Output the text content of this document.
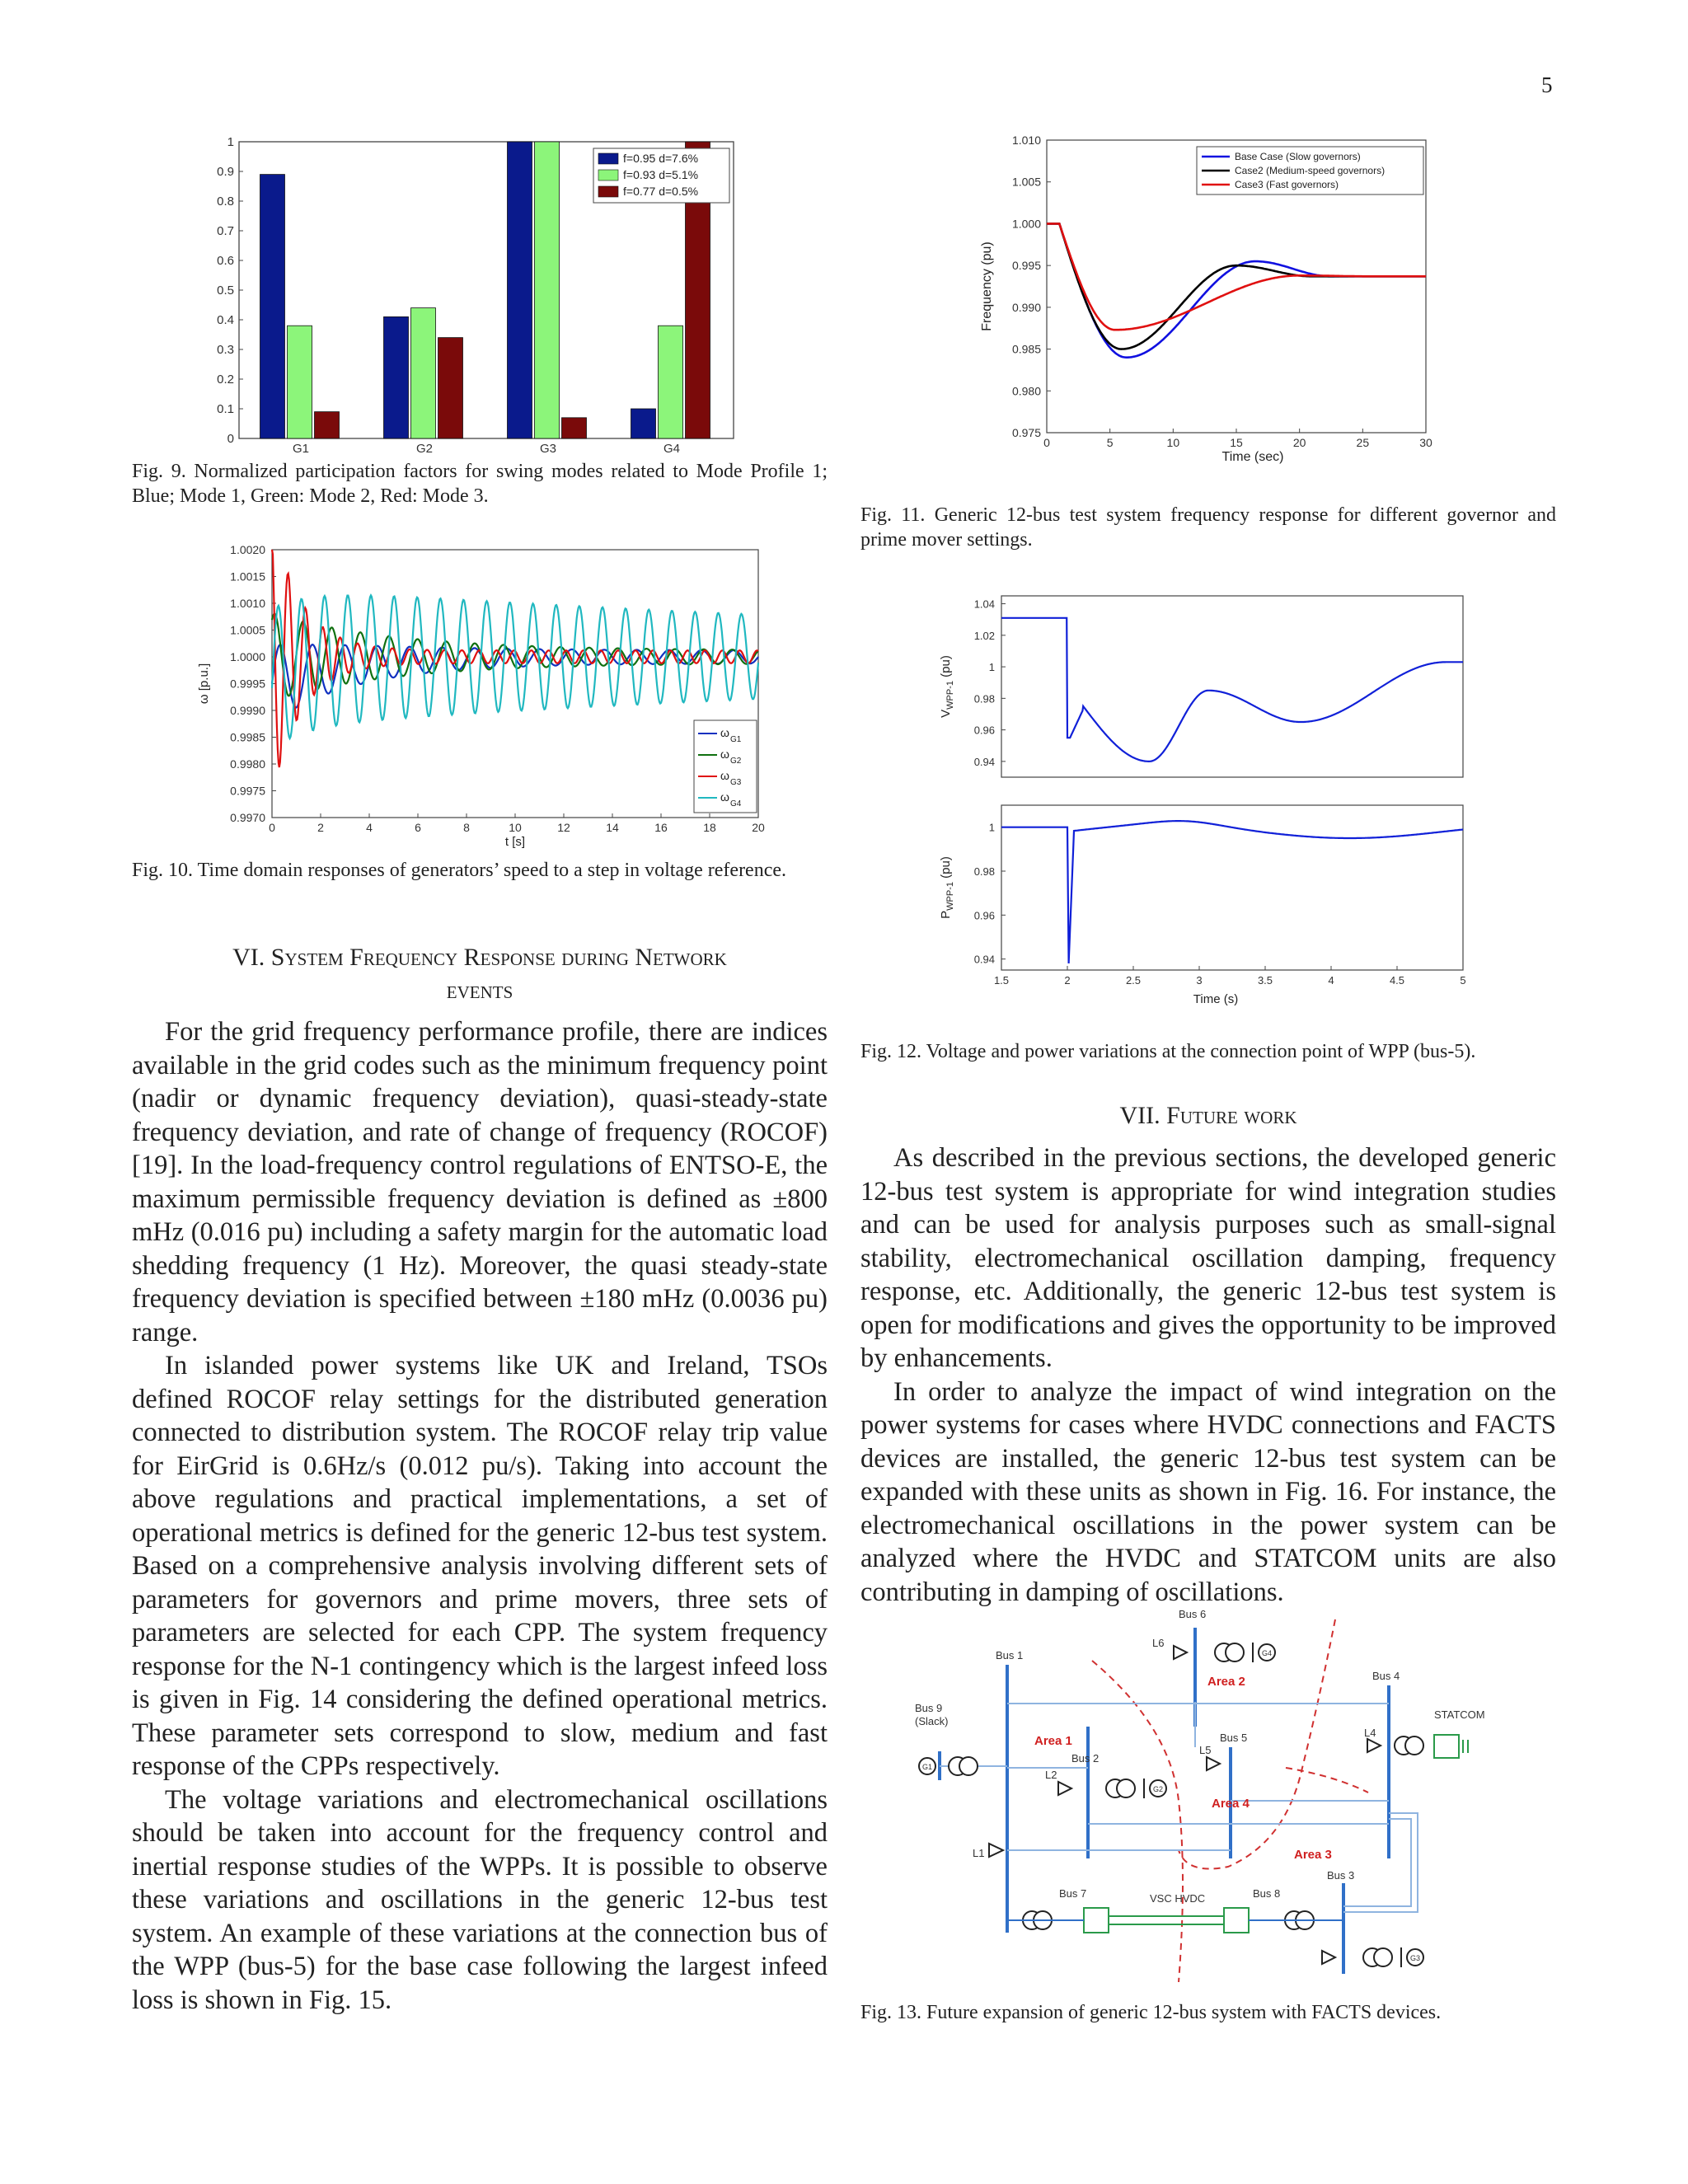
5
0
0.1
0.2
0.3
0.4
0.5
0.6
0.7
0.8
0.9
1
G1	G2	G3	G4
f=0.95 d=7.6%
f=0.93 d=5.1%
f=0.77 d=0.5%
Fig. 9. Normalized participation factors for swing modes related to Mode Profile 1; Blue; Mode 1, Green: Mode 2, Red: Mode 3.
0.9970
0.9975
0.9980
0.9985
0.9990
0.9995
1.0000
1.0005
1.0010
1.0015
1.0020
0	2	4	6	8	10	12	14	16	18	20
t [s]
ω [p.u.]
ω
G1
ω
G2
ω
G3
ω
G4
Fig. 10. Time domain responses of generators’ speed to a step in voltage reference.
VI. System Frequency Response during Network
events

For the grid frequency performance profile, there are indices available in the grid codes such as the minimum frequency point (nadir or dynamic frequency deviation), quasi-steady-state frequency deviation, and rate of change of frequency (ROCOF) [19]. In the load-frequency control regulations of ENTSO-E, the maximum permissible frequency deviation is defined as ±800 mHz (0.016 pu) including a safety margin for the automatic load shedding frequency (1 Hz). Moreover, the quasi steady-state frequency deviation is specified between ±180 mHz (0.0036 pu) range.

In islanded power systems like UK and Ireland, TSOs defined ROCOF relay settings for the distributed generation connected to distribution system. The ROCOF relay trip value for EirGrid is 0.6Hz/s (0.012 pu/s). Taking into account the above regulations and practical implementations, a set of operational metrics is defined for the generic 12-bus test system. Based on a comprehensive analysis involving different sets of parameters for governors and prime movers, three sets of parameters are selected for each CPP. The system frequency response for the N-1 contingency which is the largest infeed loss is given in Fig. 14 considering the defined operational metrics. These parameter sets correspond to slow, medium and fast response of the CPPs respectively.

The voltage variations and electromechanical oscillations should be taken into account for the frequency control and inertial response studies of the WPPs. It is possible to observe these variations and oscillations in the generic 12-bus test system. An example of these variations at the connection bus of the WPP (bus-5) for the base case following the largest infeed loss is shown in Fig. 15.

0.975
0.980
0.985
0.990
0.995
1.000
1.005
1.010
0	5	10	15	20	25	30
Time (sec)
Frequency (pu)
Base Case (Slow governors)
Case2 (Medium-speed governors)
Case3 (Fast governors)
Fig. 11. Generic 12-bus test system frequency response for different governor and prime mover settings.
0.94
0.96
0.98
1
1.02
1.04
$V_{WPP-1}$ (pu)
0.94
0.96
0.98
1
$P_{WPP-1}$ (pu)
1.5	2	2.5	3	3.5	4	4.5	5
Time (s)
Fig. 12. Voltage and power variations at the connection point of WPP (bus-5).
VII. Future work

As described in the previous sections, the developed generic 12-bus test system is appropriate for wind integration studies and can be used for analysis purposes such as small-signal stability, electromechanical oscillation damping, frequency response, etc. Additionally, the generic 12-bus test system is open for modifications and gives the opportunity to be improved by enhancements.

In order to analyze the impact of wind integration on the power systems for cases where HVDC connections and FACTS devices are installed, the generic 12-bus test system can be expanded with these units as shown in Fig. 16. For instance, the electromechanical oscillations in the power system can be analyzed where the HVDC and STATCOM units are also contributing in damping of oscillations.

Bus 6
Bus 1
Bus 4
Bus 9
(Slack)
Bus 2
Bus 5
Bus 7	Bus 8
Bus 3
STATCOM
VSC HVDC
L1
L2
L4
L5
L6
G1
G2
G4
G3
Area 1
Area 2
Area 3
Area 4
Fig. 13. Future expansion of generic 12-bus system with FACTS devices.
